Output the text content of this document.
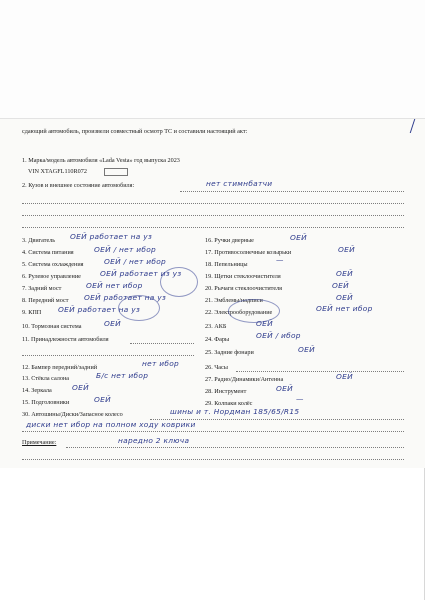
сдающий автомобиль, произвели совместный осмотр ТС и составили настоящий акт:
1. Марка/модель автомобиля «Lada Vesta» год выпуска 2023
VIN XTAGFL110R072
2. Кузов и внешнее состояние автомобиля:	нет стимнбатчи
3. Двигатель ОЕЙ работает на уз
4. Система питания	ОЕЙ / нет ибор
5. Система охлаждения	ОЕЙ / нет ибор
6. Рулевое управление	ОЕЙ работает из уз
7. Задний мост	ОЕЙ нет ибор
8. Передний мост ОЕЙ работает на уз
9. КПП ОЕЙ работает на уз
10. Тормозная система	ОЕЙ
11. Принадлежности автомобиля
12. Бампер передний/задний	нет ибор
13. Стёкла салона	Б/с нет ибор
14. Зеркала	ОЕЙ
15. Подголовники	ОЕЙ
16. Ручки дверные	ОЕЙ
17. Противосолнечные козырьки	ОЕЙ
18. Пепельницы	—
19. Щетки стеклоочистителя	ОЕЙ
20. Рычаги стеклоочистителя	ОЕЙ
21. Эмблемы/надписи	ОЕЙ
22. Электрооборудование	ОЕЙ нет ибор
23. АКБ	ОЕЙ
24. Фары	ОЕЙ / ибор
25. Задние фонари	ОЕЙ
26. Часы
27. Радио/Динамики/Антенна	ОЕЙ
28. Инструмент	ОЕЙ
29. Колпаки колёс	—
30. Автошины/Диски/Запасное колесо	шины и т. Нордман 185/65/R15
диски нет ибор на полном ходу коврики
Примечание:	наредно 2 ключа
